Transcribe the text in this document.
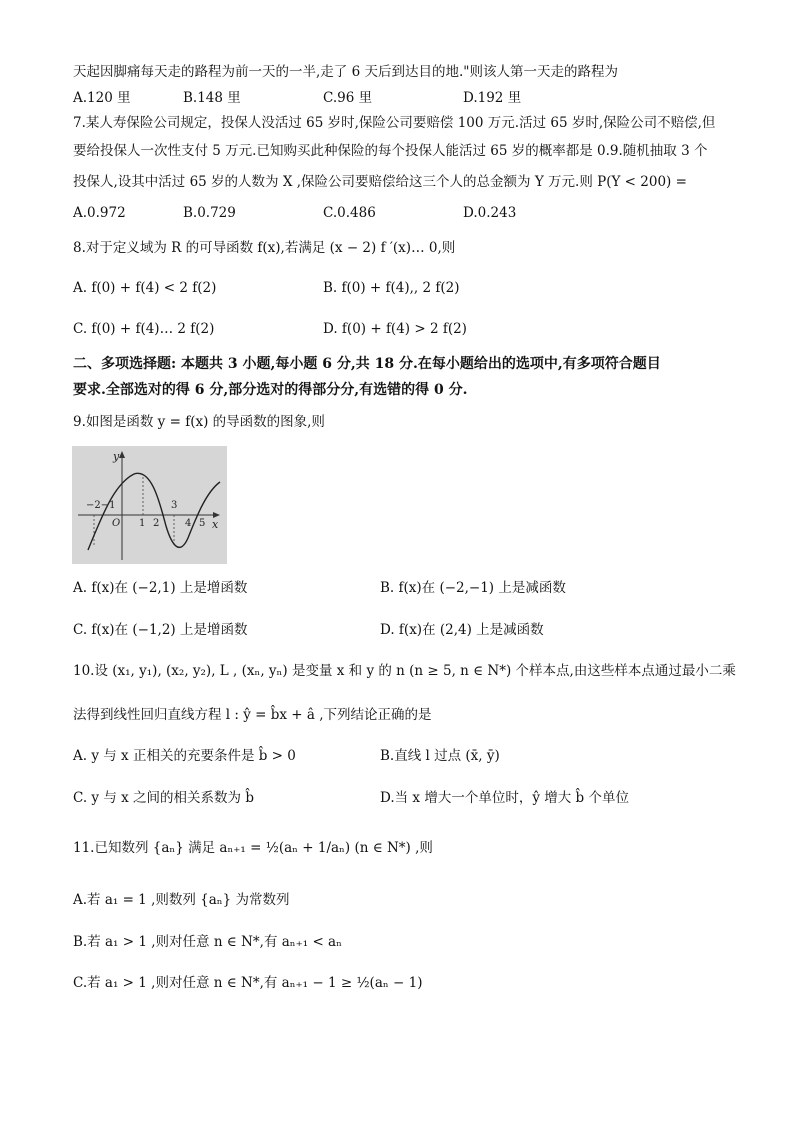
天起因脚痛每天走的路程为前一天的一半,走了 6 天后到达目的地."则该人第一天走的路程为
A.120 里	B.148 里	C.96 里	D.192 里
7.某人寿保险公司规定，投保人没活过 65 岁时,保险公司要赔偿 100 万元.活过 65 岁时,保险公司不赔偿,但
要给投保人一次性支付 5 万元.已知购买此种保险的每个投保人能活过 65 岁的概率都是 0.9.随机抽取 3 个
投保人,设其中活过 65 岁的人数为 X ,保险公司要赔偿给这三个人的总金额为 Y 万元.则 P(Y < 200) =
A.0.972	B.0.729	C.0.486	D.0.243
8.对于定义域为 R 的可导函数 f(x),若满足 (x − 2) f ′(x)… 0,则
A. f(0) + f(4) < 2 f(2)	B. f(0) + f(4),, 2 f(2)
C. f(0) + f(4)… 2 f(2)	D. f(0) + f(4) > 2 f(2)
二、多项选择题: 本题共 3 小题,每小题 6 分,共 18 分.在每小题给出的选项中,有多项符合题目
要求.全部选对的得 6 分,部分选对的得部分分,有选错的得 0 分.
9.如图是函数 y = f(x) 的导函数的图象,则
y
x
O
−2−1
1 2
3
4 5
A. f(x)在 (−2,1) 上是增函数	B. f(x)在 (−2,−1) 上是减函数
C. f(x)在 (−1,2) 上是增函数	D. f(x)在 (2,4) 上是减函数
10.设 (x₁, y₁), (x₂, y₂), L , (xₙ, yₙ) 是变量 x 和 y 的 n (n ≥ 5, n ∈ N*) 个样本点,由这些样本点通过最小二乘
法得到线性回归直线方程 l : ŷ = b̂x + â ,下列结论正确的是
A. y 与 x 正相关的充要条件是 b̂ > 0	B.直线 l 过点 (x̄, ȳ)
C. y 与 x 之间的相关系数为 b̂	D.当 x 增大一个单位时，ŷ 增大 b̂ 个单位
11.已知数列 {aₙ} 满足 aₙ₊₁ = ½(aₙ + 1/aₙ) (n ∈ N*) ,则
A.若 a₁ = 1 ,则数列 {aₙ} 为常数列
B.若 a₁ > 1 ,则对任意 n ∈ N*,有 aₙ₊₁ < aₙ
C.若 a₁ > 1 ,则对任意 n ∈ N*,有 aₙ₊₁ − 1 ≥ ½(aₙ − 1)
